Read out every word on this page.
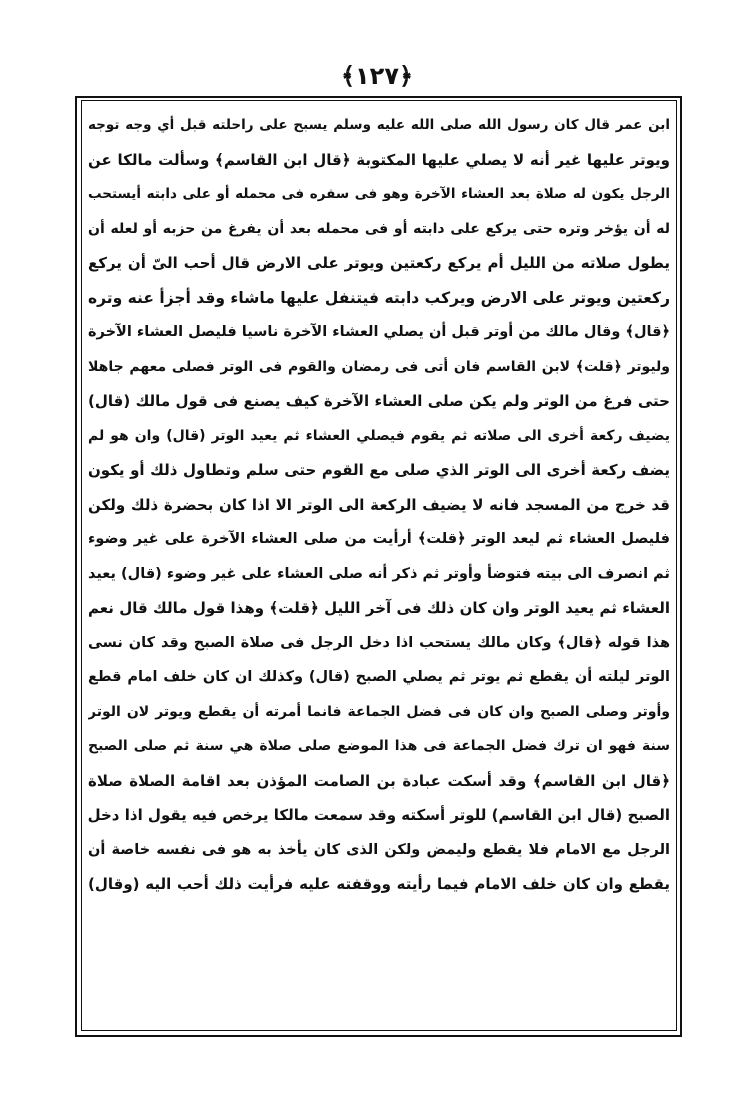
﴿١٢٧﴾
ابن عمر قال كان رسول الله صلى الله عليه وسلم يسبح على راحلته قبل أي وجه توجه
ويوتر عليها غير أنه لا يصلي عليها المكتوبة ﴿قال ابن القاسم﴾ وسألت مالكا عن
الرجل يكون له صلاة بعد العشاء الآخرة وهو فى سفره فى محمله أو على دابته أيستحب
له أن يؤخر وتره حتى يركع على دابته أو فى محمله بعد أن يفرغ من حزبه أو لعله أن
يطول صلاته من الليل أم يركع ركعتين ويوتر على الارض قال أحب الىّ أن يركع
ركعتين ويوتر على الارض ويركب دابته فيتنفل عليها ماشاء وقد أجزأ عنه وتره
﴿قال﴾ وقال مالك من أوتر قبل أن يصلي العشاء الآخرة ناسيا فليصل العشاء الآخرة
وليوتر ﴿قلت﴾ لابن القاسم فان أتى فى رمضان والقوم فى الوتر فصلى معهم جاهلا
حتى فرغ من الوتر ولم يكن صلى العشاء الآخرة كيف يصنع فى قول مالك (قال)
يضيف ركعة أخرى الى صلاته ثم يقوم فيصلي العشاء ثم يعيد الوتر (قال) وان هو لم
يضف ركعة أخرى الى الوتر الذي صلى مع القوم حتى سلم وتطاول ذلك أو يكون
قد خرج من المسجد فانه لا يضيف الركعة الى الوتر الا اذا كان بحضرة ذلك ولكن
فليصل العشاء ثم ليعد الوتر ﴿قلت﴾ أرأيت من صلى العشاء الآخرة على غير وضوء
ثم انصرف الى بيته فتوضأ وأوتر ثم ذكر أنه صلى العشاء على غير وضوء (قال) يعيد
العشاء ثم يعيد الوتر وان كان ذلك فى آخر الليل ﴿قلت﴾ وهذا قول مالك قال نعم
هذا قوله ﴿قال﴾ وكان مالك يستحب اذا دخل الرجل فى صلاة الصبح وقد كان نسى
الوتر ليلته أن يقطع ثم يوتر ثم يصلي الصبح (قال) وكذلك ان كان خلف امام قطع
وأوتر وصلى الصبح وان كان فى فضل الجماعة فانما أمرته أن يقطع ويوتر لان الوتر
سنة فهو ان ترك فضل الجماعة فى هذا الموضع صلى صلاة هي سنة ثم صلى الصبح
﴿قال ابن القاسم﴾ وقد أسكت عبادة بن الصامت المؤذن بعد اقامة الصلاة صلاة
الصبح (قال ابن القاسم) للوتر أسكته وقد سمعت مالكا يرخص فيه يقول اذا دخل
الرجل مع الامام فلا يقطع وليمض ولكن الذى كان يأخذ به هو فى نفسه خاصة أن
يقطع وان كان خلف الامام فيما رأيته ووقفته عليه فرأيت ذلك أحب اليه (وقال)
